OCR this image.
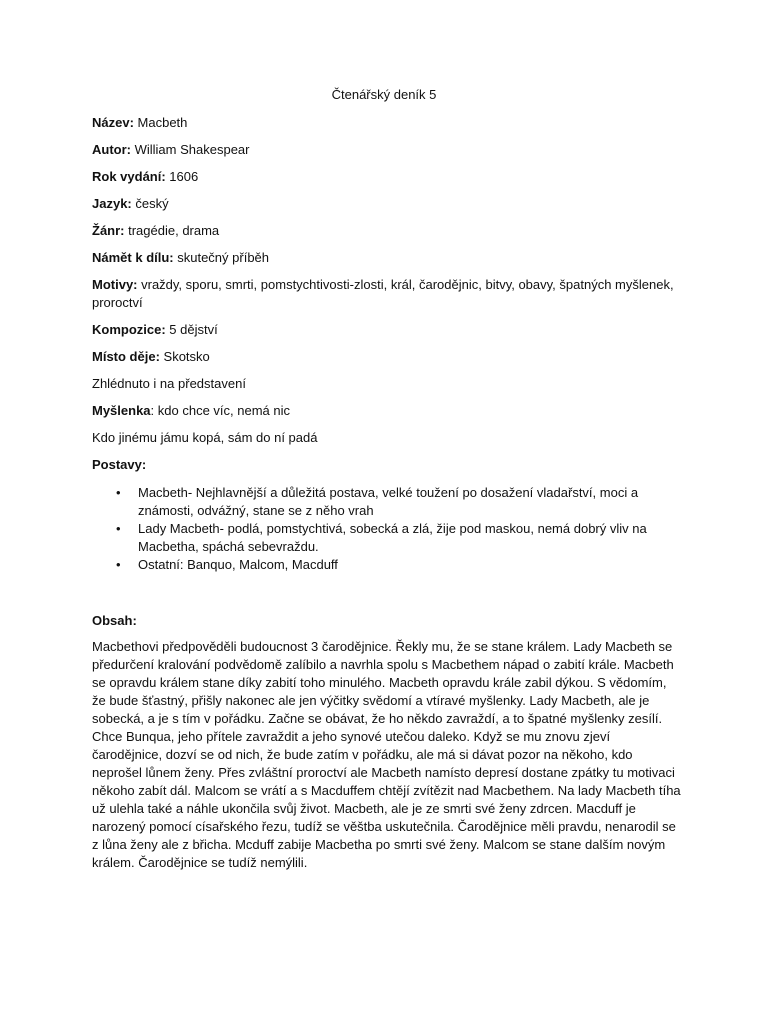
Čtenářský deník 5

Název: Macbeth

Autor: William Shakespear

Rok vydání: 1606

Jazyk: český

Žánr: tragédie, drama

Námět k dílu: skutečný příběh

Motivy: vraždy, sporu, smrti, pomstychtivosti-zlosti, král, čarodějnic, bitvy, obavy, špatných myšlenek, proroctví

Kompozice: 5 dějství

Místo děje: Skotsko

Zhlédnuto i na představení

Myšlenka: kdo chce víc, nemá nic

Kdo jinému jámu kopá, sám do ní padá

Postavy:

•	Macbeth- Nejhlavnější a důležitá postava, velké toužení po dosažení vladařství, moci a známosti, odvážný, stane se z něho vrah
•	Lady Macbeth- podlá, pomstychtivá, sobecká a zlá, žije pod maskou, nemá dobrý vliv na Macbetha, spáchá sebevraždu.
•	Ostatní: Banquo, Malcom, Macduff

Obsah:

Macbethovi předpověděli budoucnost 3 čarodějnice. Řekly mu, že se stane králem. Lady Macbeth se předurčení kralování podvědomě zalíbilo a navrhla spolu s Macbethem nápad o zabití krále. Macbeth se opravdu králem stane díky zabití toho minulého. Macbeth opravdu krále zabil dýkou. S vědomím, že bude šťastný, přišly nakonec ale jen výčitky svědomí a vtíravé myšlenky. Lady Macbeth, ale je sobecká, a je s tím v pořádku. Začne se obávat, že ho někdo zavraždí, a to špatné myšlenky zesílí. Chce Bunqua, jeho přítele zavraždit a jeho synové utečou daleko. Když se mu znovu zjeví čarodějnice, dozví se od nich, že bude zatím v pořádku, ale má si dávat pozor na někoho, kdo neprošel lůnem ženy. Přes zvláštní proroctví ale Macbeth namísto depresí dostane zpátky tu motivaci někoho zabít dál. Malcom se vrátí a s Macduffem chtějí zvítězit nad Macbethem. Na lady Macbeth tíha už ulehla také a náhle ukončila svůj život. Macbeth, ale je ze smrti své ženy zdrcen. Macduff je narozený pomocí císařského řezu, tudíž se věštba uskutečnila. Čarodějnice měli pravdu, nenarodil se z lůna ženy ale z břicha. Mcduff zabije Macbetha po smrti své ženy. Malcom se stane dalším novým králem. Čarodějnice se tudíž nemýlili.
